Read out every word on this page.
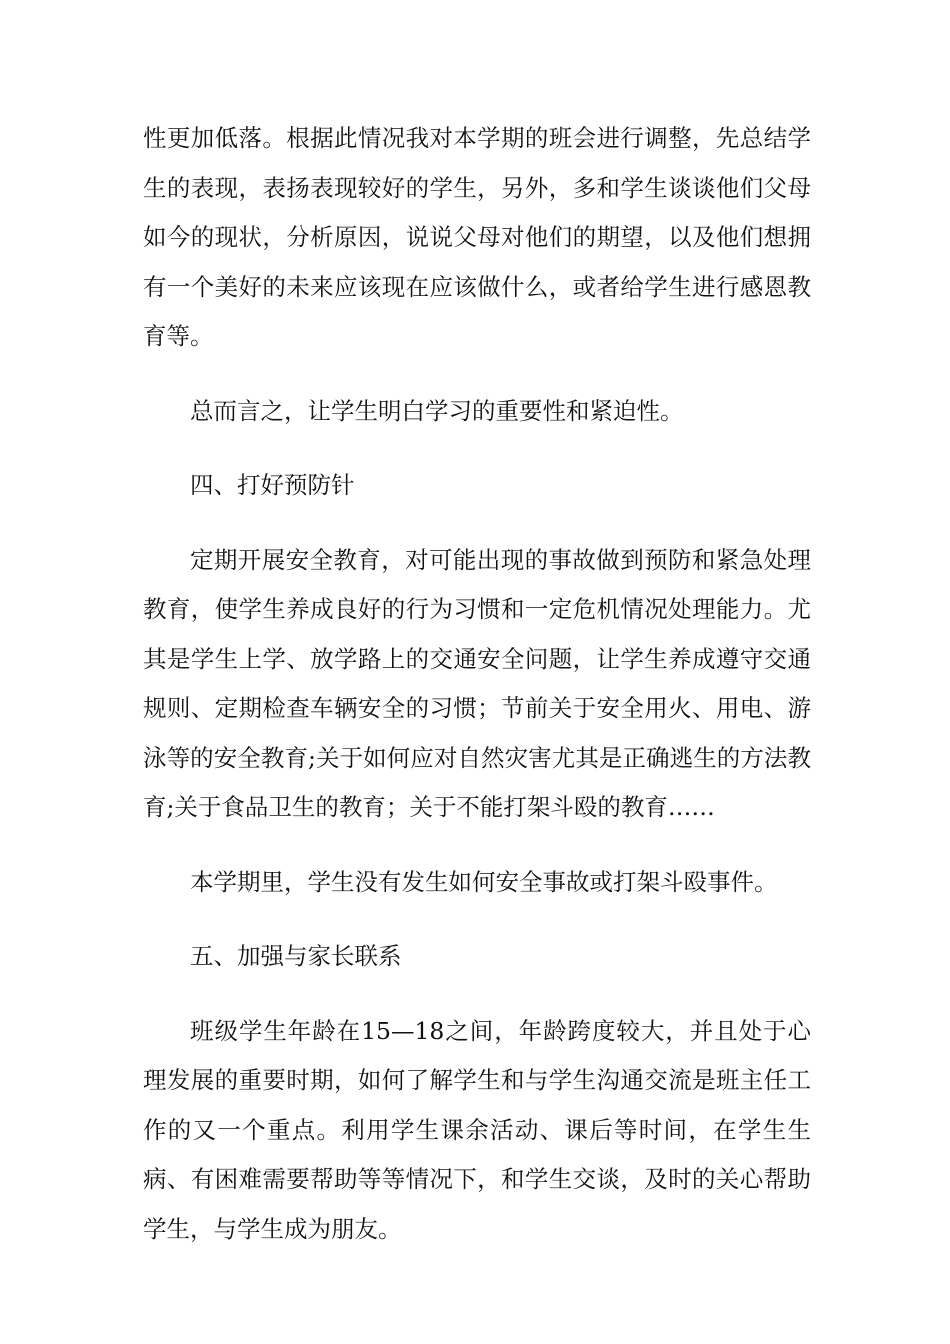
性更加低落。根据此情况我对本学期的班会进行调整，先总结学生的表现，表扬表现较好的学生，另外，多和学生谈谈他们父母如今的现状，分析原因，说说父母对他们的期望，以及他们想拥有一个美好的未来应该现在应该做什么，或者给学生进行感恩教育等。

总而言之，让学生明白学习的重要性和紧迫性。

四、打好预防针

定期开展安全教育，对可能出现的事故做到预防和紧急处理教育，使学生养成良好的行为习惯和一定危机情况处理能力。尤其是学生上学、放学路上的交通安全问题，让学生养成遵守交通规则、定期检查车辆安全的习惯；节前关于安全用火、用电、游泳等的安全教育;关于如何应对自然灾害尤其是正确逃生的方法教育;关于食品卫生的教育；关于不能打架斗殴的教育……

本学期里，学生没有发生如何安全事故或打架斗殴事件。

五、加强与家长联系

班级学生年龄在15—18之间，年龄跨度较大，并且处于心理发展的重要时期，如何了解学生和与学生沟通交流是班主任工作的又一个重点。利用学生课余活动、课后等时间，在学生生病、有困难需要帮助等等情况下，和学生交谈，及时的关心帮助学生，与学生成为朋友。
